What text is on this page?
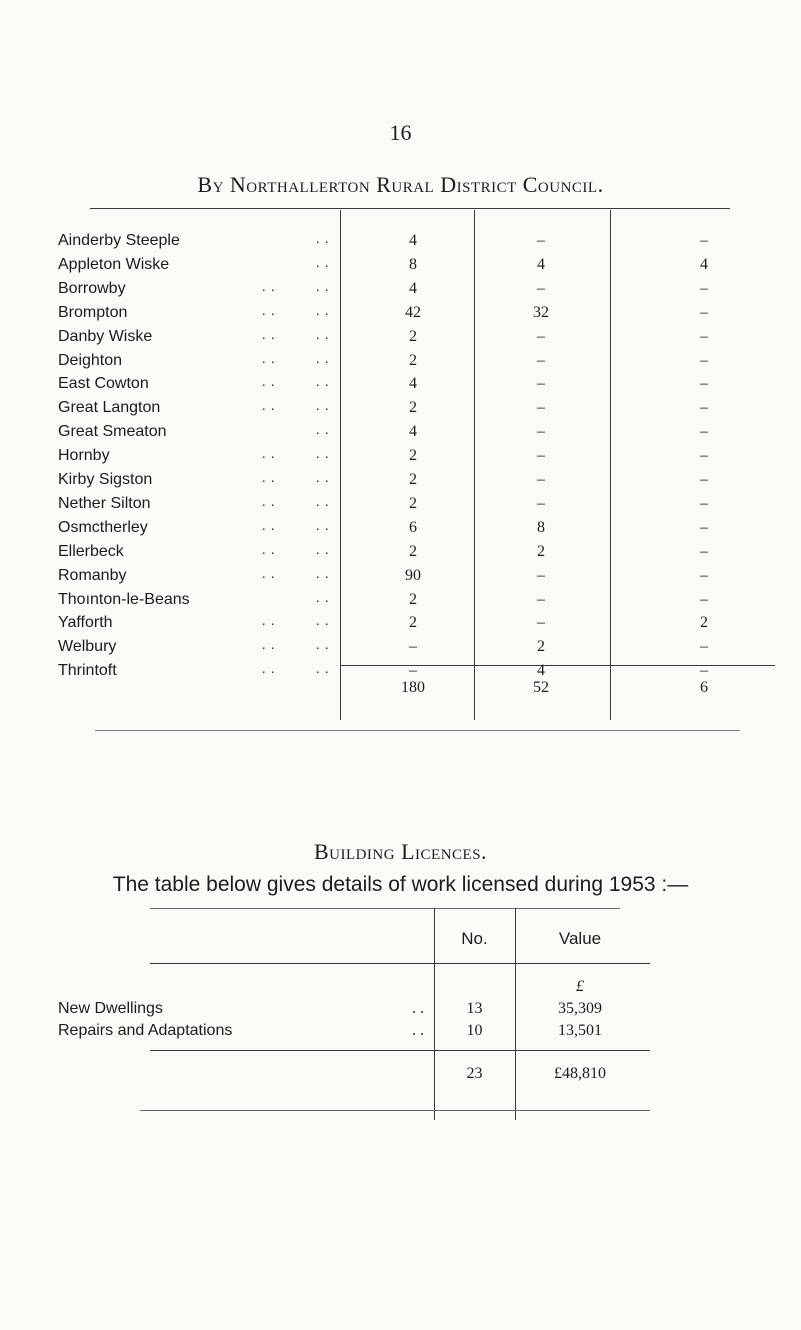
16
By Northallerton Rural District Council.
Ainderby Steeple	. .	4	–	–
Appleton Wiske	. .	8	4	4
Borrowby	. .	. .	4	–	–
Brompton	. .	. .	42	32	–
Danby Wiske	. .	. .	2	–	–
Deighton	. .	. .	2	–	–
East Cowton	. .	. .	4	–	–
Great Langton	. .	. .	2	–	–
Great Smeaton	. .	4	–	–
Hornby	. .	. .	2	–	–
Kirby Sigston	. .	. .	2	–	–
Nether Silton	. .	. .	2	–	–
Osmctherley	. .	. .	6	8	–
Ellerbeck	. .	. .	2	2	–
Romanby	. .	. .	90	–	–
Thoınton-le-Beans	. .	2	–	–
Yafforth	. .	. .	2	–	2
Welbury	. .	. .	–	2	–
Thrintoft	. .	. .	–	4	–
180	52	6
Building Licences.
The table below gives details of work licensed during 1953 :—
No.	Value
£
New Dwellings	. .	13	35,309
Repairs and Adaptations	. .	10	13,501
23	£48,810
